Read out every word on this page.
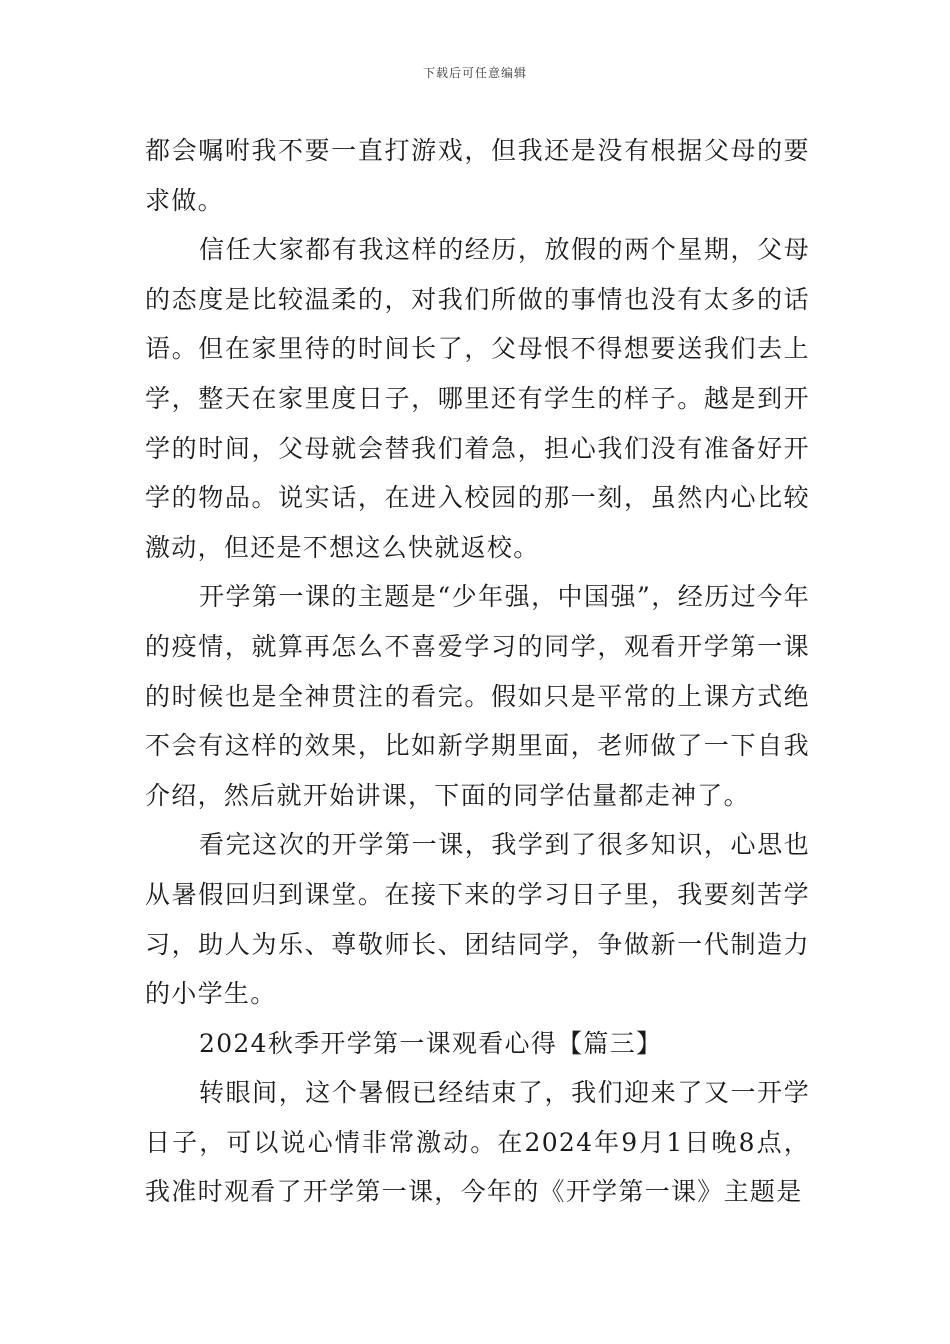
下载后可任意编辑

都会嘱咐我不要一直打游戏，但我还是没有根据父母的要求做。

信任大家都有我这样的经历，放假的两个星期，父母的态度是比较温柔的，对我们所做的事情也没有太多的话语。但在家里待的时间长了，父母恨不得想要送我们去上学，整天在家里度日子，哪里还有学生的样子。越是到开学的时间，父母就会替我们着急，担心我们没有准备好开学的物品。说实话，在进入校园的那一刻，虽然内心比较激动，但还是不想这么快就返校。

开学第一课的主题是“少年强，中国强”，经历过今年的疫情，就算再怎么不喜爱学习的同学，观看开学第一课的时候也是全神贯注的看完。假如只是平常的上课方式绝不会有这样的效果，比如新学期里面，老师做了一下自我介绍，然后就开始讲课，下面的同学估量都走神了。

看完这次的开学第一课，我学到了很多知识，心思也从暑假回归到课堂。在接下来的学习日子里，我要刻苦学习，助人为乐、尊敬师长、团结同学，争做新一代制造力的小学生。

2024秋季开学第一课观看心得【篇三】

转眼间，这个暑假已经结束了，我们迎来了又一开学日子，可以说心情非常激动。在2024年9月1日晚8点，我准时观看了开学第一课，今年的《开学第一课》主题是
